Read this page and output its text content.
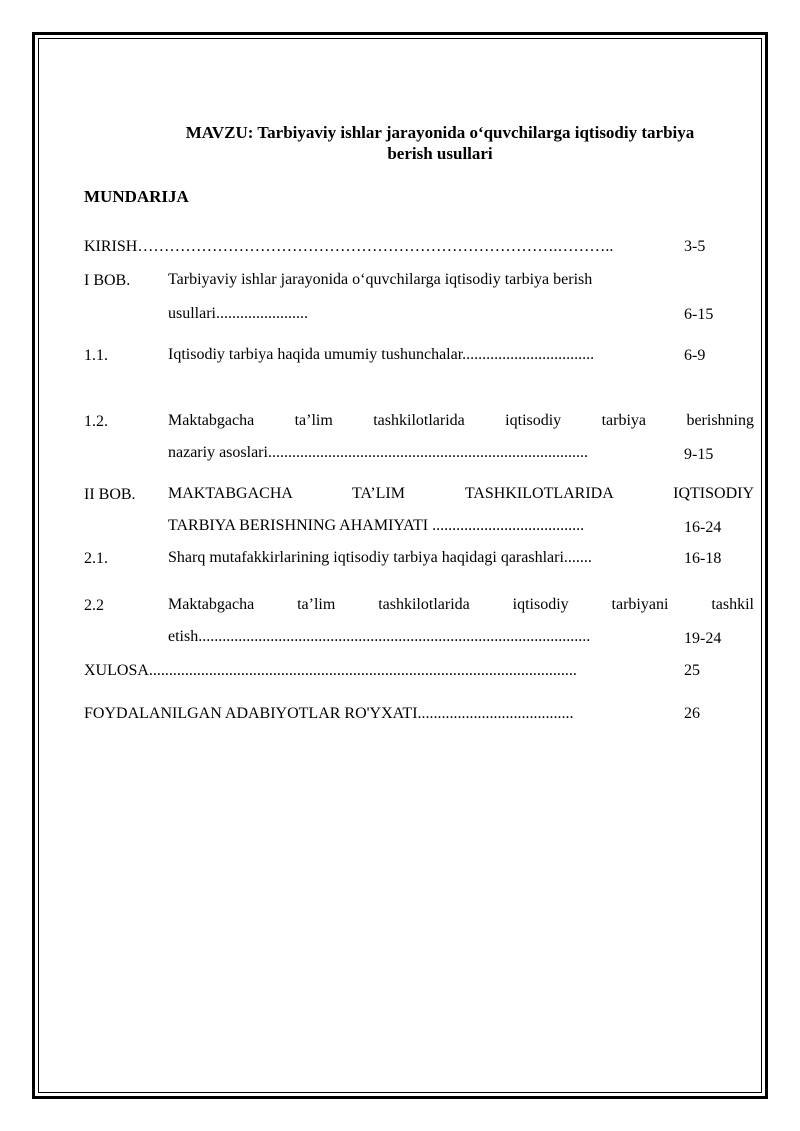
MAVZU: Tarbiyaviy ishlar jarayonida o‘quvchilarga iqtisodiy tarbiya
berish usullari
MUNDARIJA
KIRISH…………………………………………………………………….………..	3-5
I BOB. Tarbiyaviy ishlar jarayonida o‘quvchilarga iqtisodiy tarbiya berish
usullari.......................	6-15
1.1.	Iqtisodiy tarbiya haqida umumiy tushunchalar.................................	6-9
1.2.	Maktabgacha ta’lim tashkilotlarida iqtisodiy tarbiya berishning
nazariy asoslari................................................................................	9-15
II BOB. MAKTABGACHA TA’LIM TASHKILOTLARIDA IQTISODIY
TARBIYA BERISHNING AHAMIYATI ......................................	16-24
2.1.	Sharq mutafakkirlarining iqtisodiy tarbiya haqidagi qarashlari.......	16-18
2.2	Maktabgacha ta’lim tashkilotlarida iqtisodiy tarbiyani tashkil
etish..................................................................................................	19-24
XULOSA...........................................................................................................	25
FOYDALANILGAN ADABIYOTLAR RO'YXATI.......................................	26
